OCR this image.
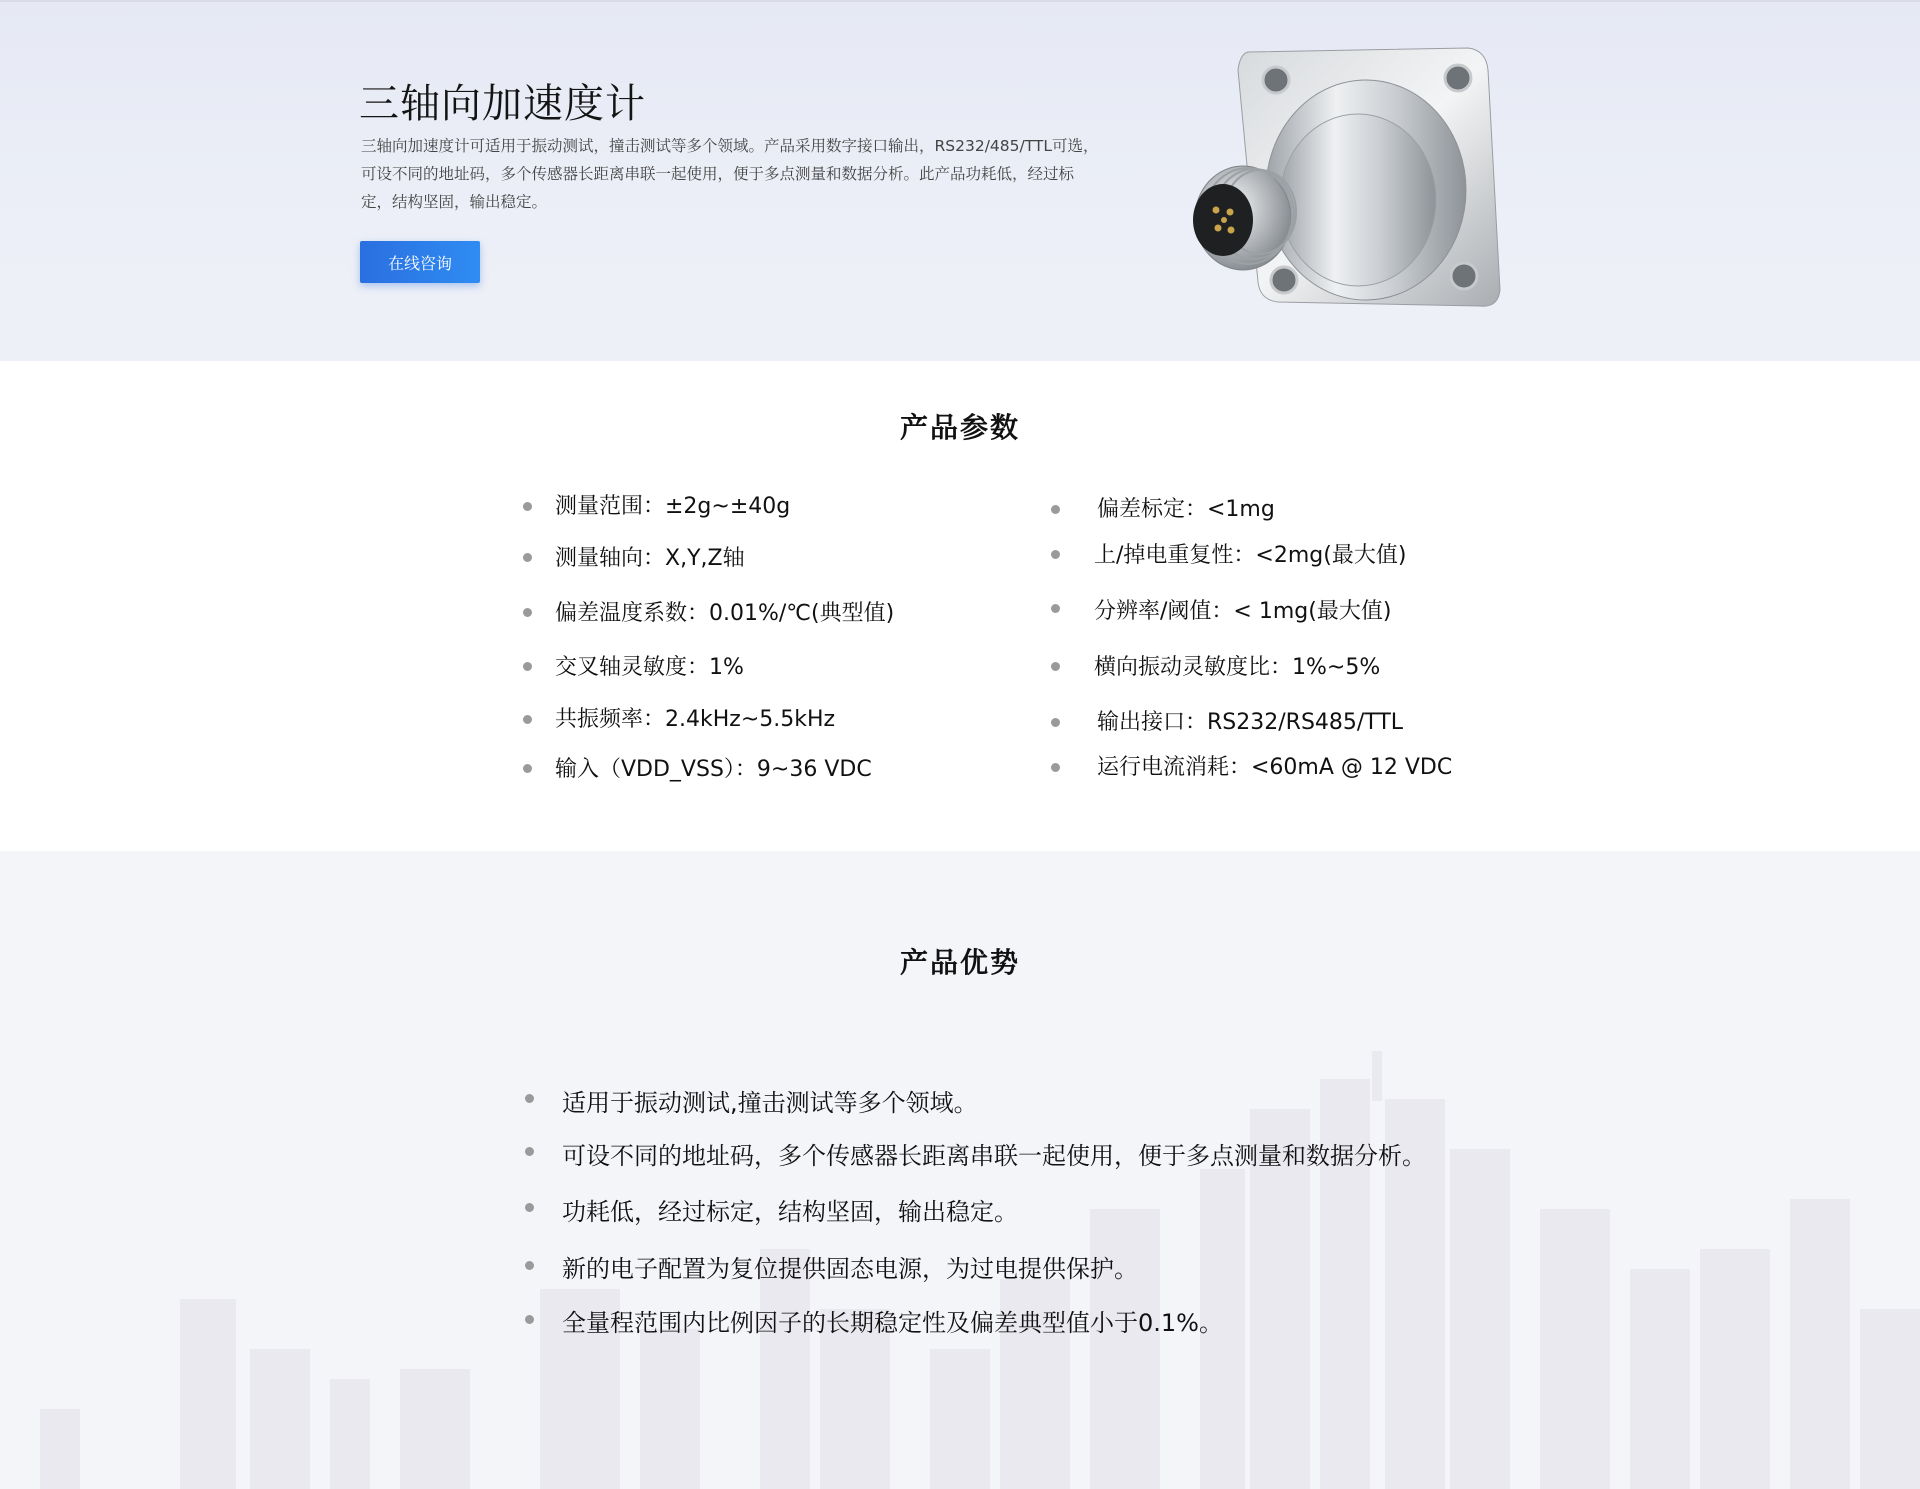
三轴向加速度计

三轴向加速度计可适用于振动测试，撞击测试等多个领域。产品采用数字接口输出，RS232/485/TTL可选，可设不同的地址码，多个传感器长距离串联一起使用，便于多点测量和数据分析。此产品功耗低，经过标定，结构坚固，输出稳定。

在线咨询
产品参数
测量范围：±2g~±40g
测量轴向：X,Y,Z轴
偏差温度系数：0.01%/℃(典型值)
交叉轴灵敏度：1%
共振频率：2.4kHz~5.5kHz
输入（VDD_VSS）：9~36 VDC
偏差标定：<1mg
上/掉电重复性：<2mg(最大值)
分辨率/阈值：< 1mg(最大值)
横向振动灵敏度比：1%~5%
输出接口：RS232/RS485/TTL
运行电流消耗：<60mA @ 12 VDC
产品优势
适用于振动测试,撞击测试等多个领域。
可设不同的地址码，多个传感器长距离串联一起使用，便于多点测量和数据分析。
功耗低，经过标定，结构坚固，输出稳定。
新的电子配置为复位提供固态电源，为过电提供保护。
全量程范围内比例因子的长期稳定性及偏差典型值小于0.1%。
